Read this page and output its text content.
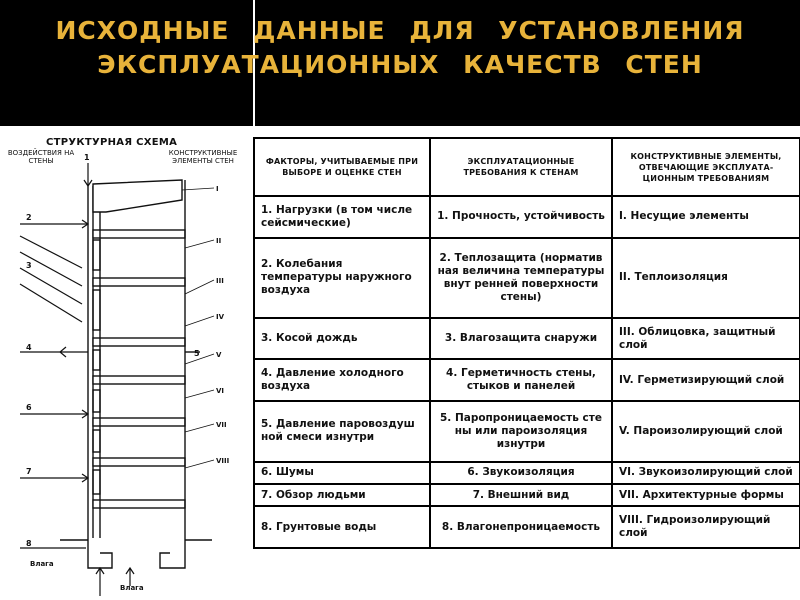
ИСХОДНЫЕ ДАННЫЕ ДЛЯ УСТАНОВЛЕНИЯ
ЭКСПЛУАТАЦИОННЫХ КАЧЕСТВ СТЕН
СТРУКТУРНАЯ СХЕМА
ВОЗДЕЙСТВИЯ НА СТЕНЫ
КОНСТРУКТИВНЫЕ ЭЛЕМЕНТЫ СТЕН
1
2
3
4
5
6
7
8
I
II
III
IV
V
VI
VII
VIII
Влага
Влага
ФАКТОРЫ, УЧИТЫВАЕМЫЕ ПРИ ВЫБОРЕ И ОЦЕНКЕ СТЕН	ЭКСПЛУАТАЦИОННЫЕ ТРЕБОВАНИЯ К СТЕНАМ	КОНСТРУКТИВНЫЕ ЭЛЕМЕНТЫ, ОТВЕЧАЮЩИЕ ЭКСПЛУАТАЦИОННЫМ ТРЕБОВАНИЯМ
1. Нагрузки (в том числе сейсмические)	1. Прочность, устойчивость	I. Несущие элементы
2. Колебания температуры наружного воздуха	2. Теплозащита (норматив ная величина температуры внут ренней поверхности стены)	II. Теплоизоляция
3. Косой дождь	3. Влагозащита снаружи	III. Облицовка, защитный слой
4. Давление холодного воздуха	4. Герметичность стены, стыков и панелей	IV. Герметизирующий слой
5. Давление паровоздуш ной смеси изнутри	5. Паропроницаемость сте ны или пароизоляция изнутри	V. Пароизолирующий слой
6. Шумы	6. Звукоизоляция	VI. Звукоизолирующий слой
7. Обзор людьми	7. Внешний вид	VII. Архитектурные формы
8. Грунтовые воды	8. Влагонепроницаемость	VIII. Гидроизолирующий слой
